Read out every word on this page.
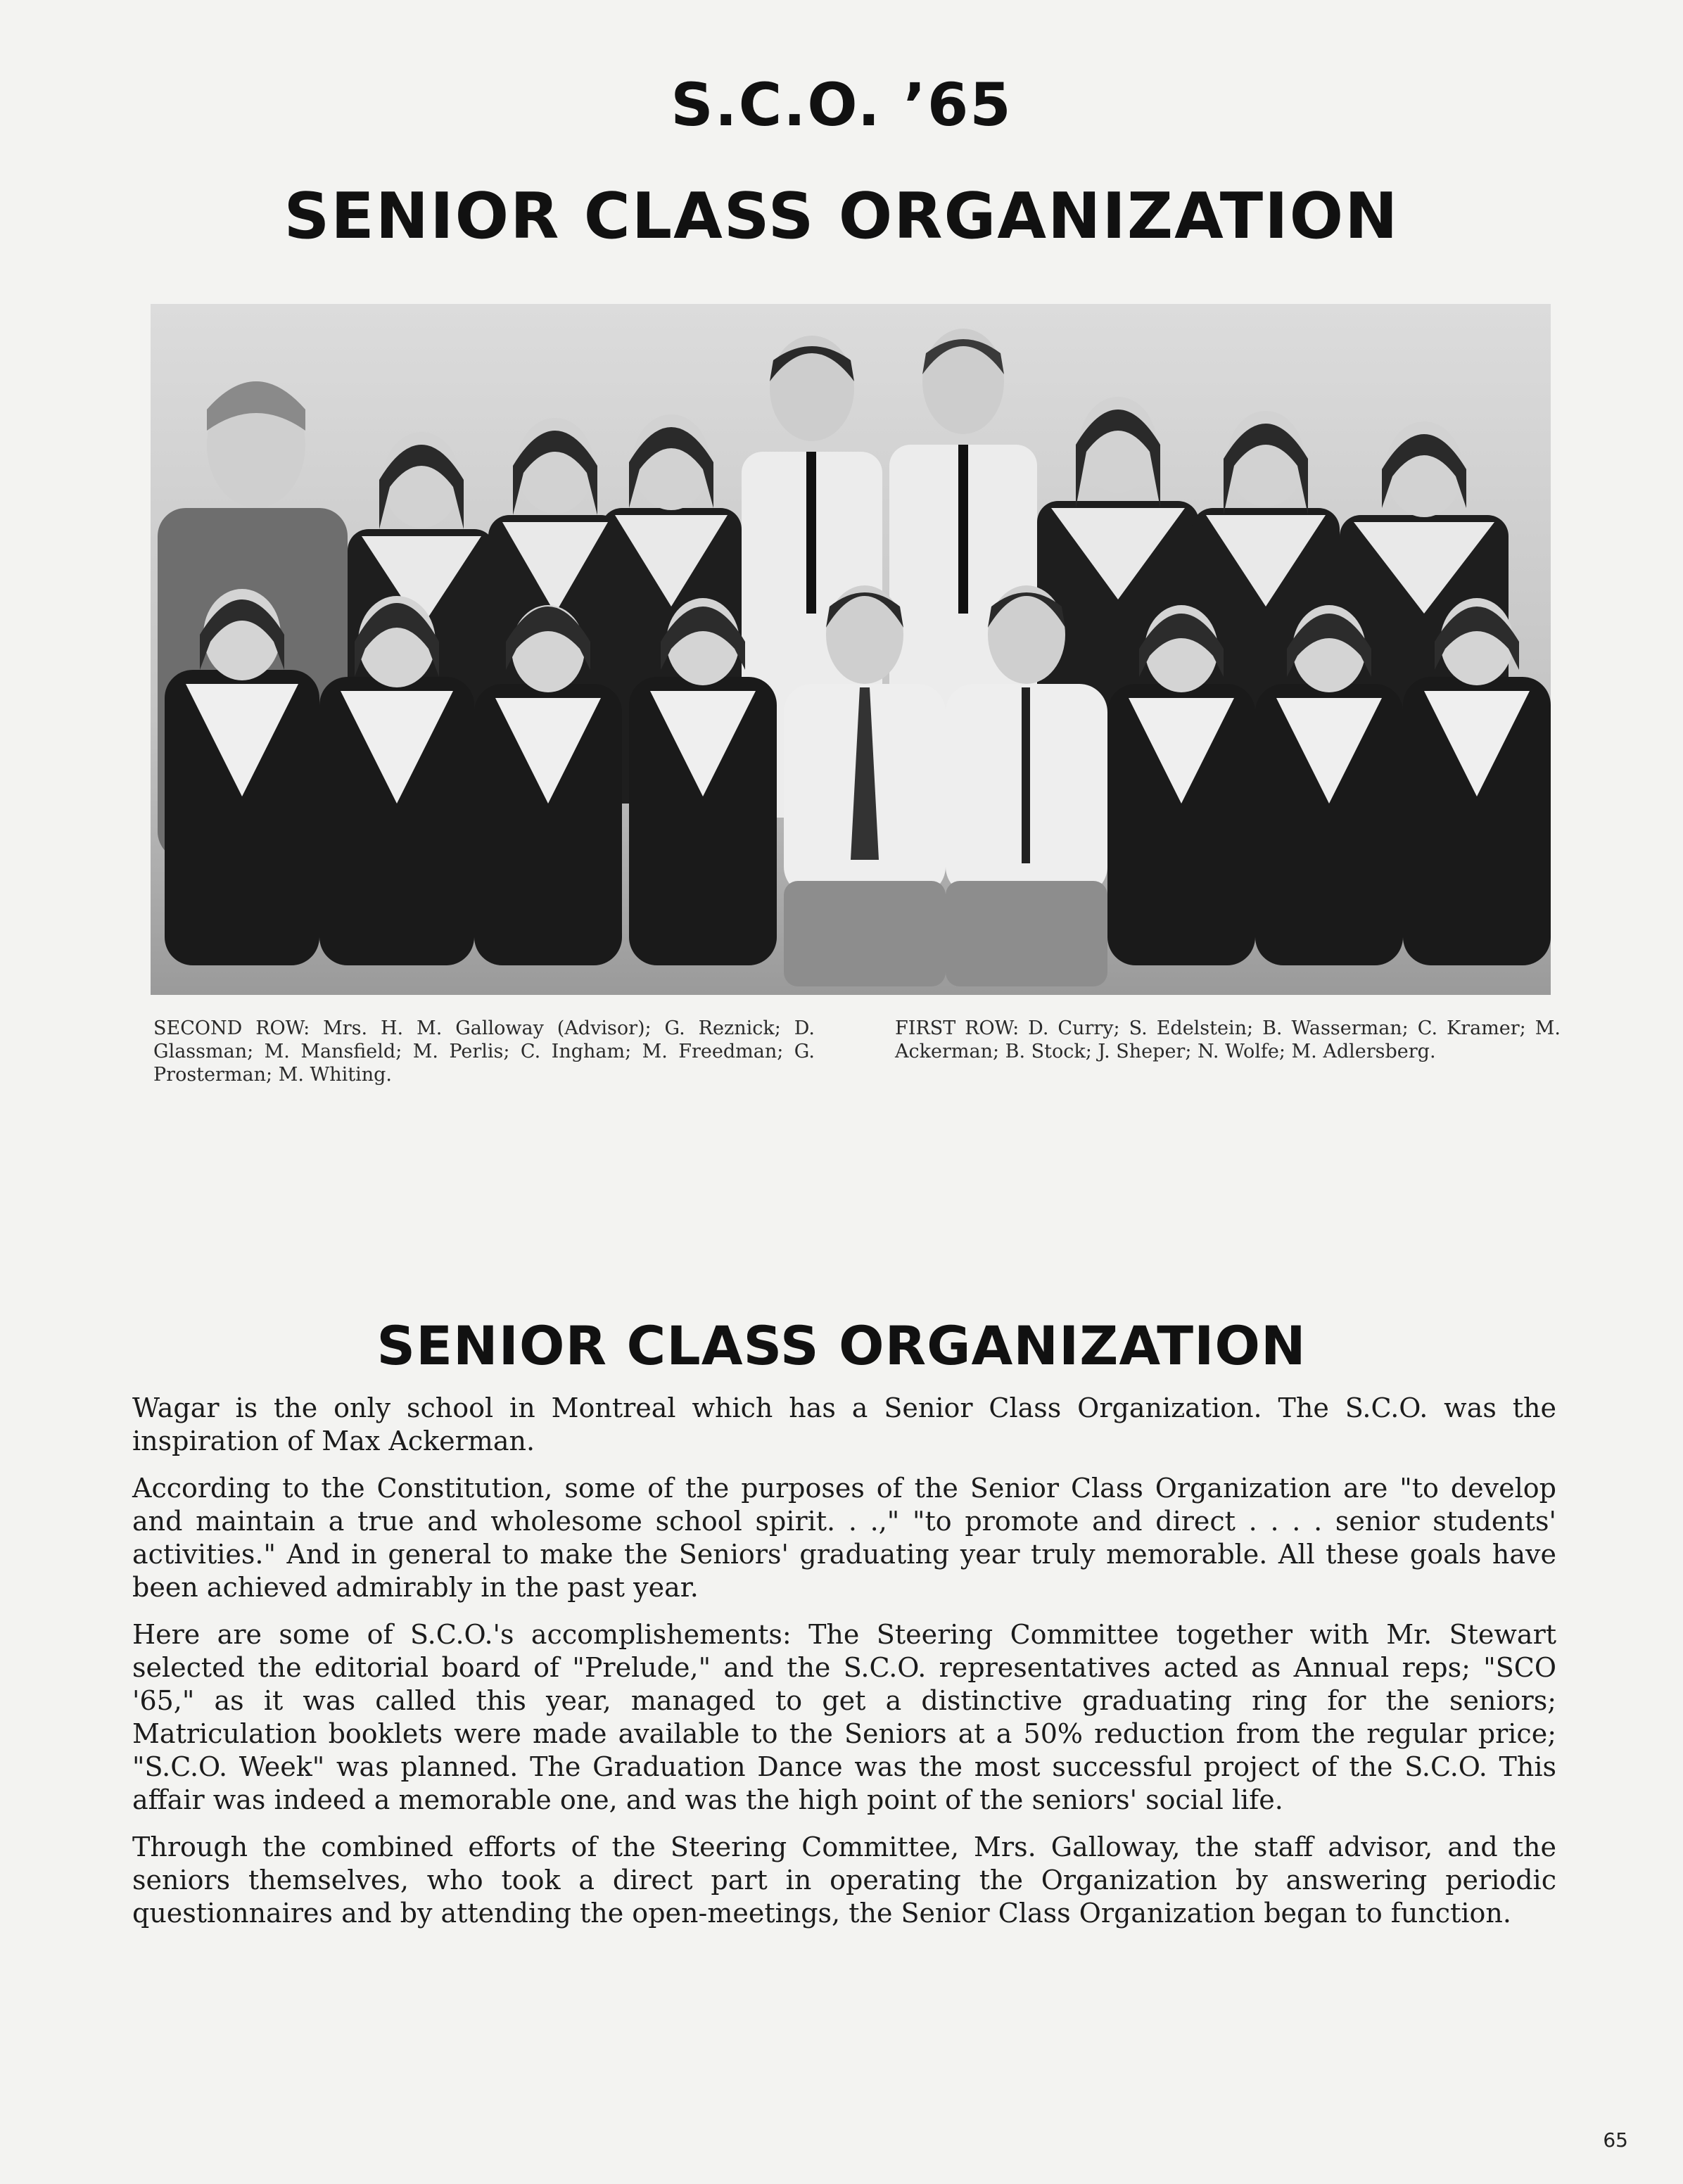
S.C.O. ’65
SENIOR CLASS ORGANIZATION
SECOND ROW: Mrs. H. M. Galloway (Advisor); G. Reznick; D. Glassman; M. Mansfield; M. Perlis; C. Ingham; M. Freedman; G. Prosterman; M. Whiting.
FIRST ROW: D. Curry; S. Edelstein; B. Wasserman; C. Kramer; M. Ackerman; B. Stock; J. Sheper; N. Wolfe; M. Adlersberg.
SENIOR CLASS ORGANIZATION

Wagar is the only school in Montreal which has a Senior Class Organization. The S.C.O. was the inspiration of Max Ackerman.

According to the Constitution, some of the purposes of the Senior Class Organization are "to develop and maintain a true and wholesome school spirit. . .," "to promote and direct . . . . senior students' activities." And in general to make the Seniors' graduating year truly memorable. All these goals have been achieved admirably in the past year.

Here are some of S.C.O.'s accomplishements: The Steering Committee together with Mr. Stewart selected the editorial board of "Prelude," and the S.C.O. representatives acted as Annual reps; "SCO '65," as it was called this year, managed to get a distinctive graduating ring for the seniors; Matriculation booklets were made available to the Seniors at a 50% reduction from the regular price; "S.C.O. Week" was planned. The Graduation Dance was the most successful project of the S.C.O. This affair was indeed a memorable one, and was the high point of the seniors' social life.

Through the combined efforts of the Steering Committee, Mrs. Galloway, the staff advisor, and the seniors themselves, who took a direct part in operating the Organization by answering periodic questionnaires and by attending the open-meetings, the Senior Class Organization began to function.

65
